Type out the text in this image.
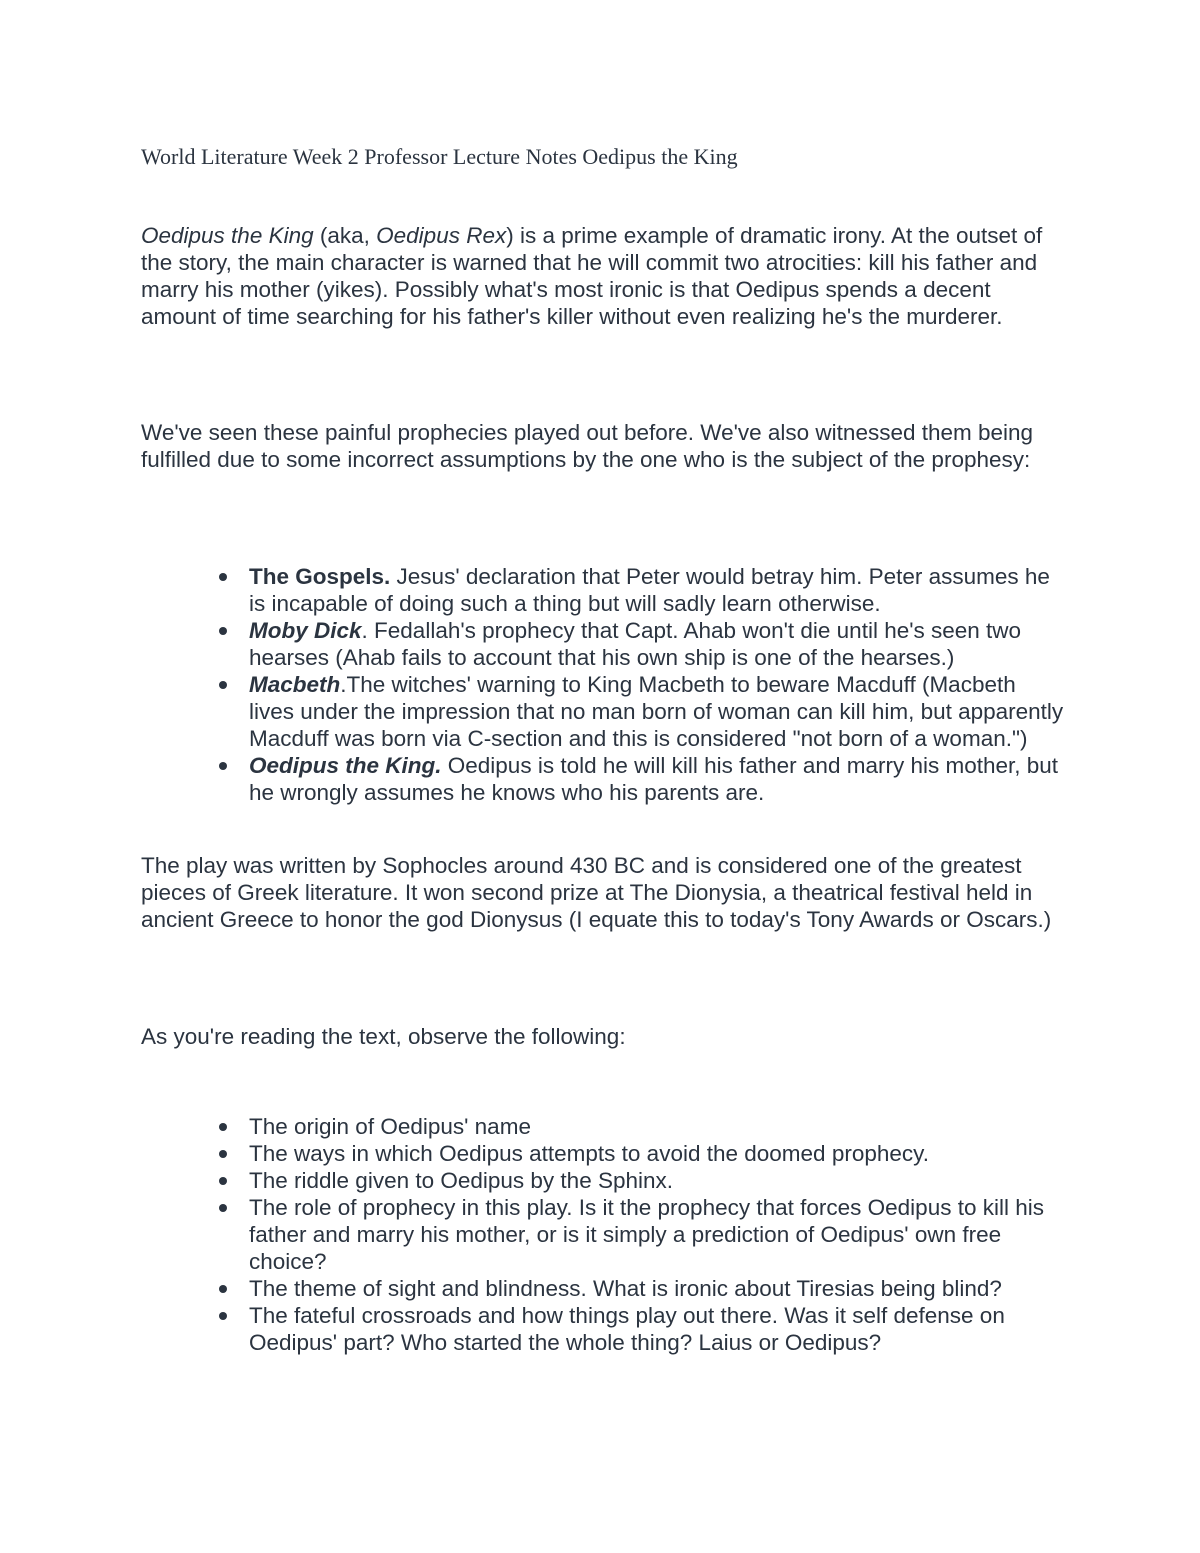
World Literature Week 2 Professor Lecture Notes Oedipus the King

Oedipus the King (aka, Oedipus Rex) is a prime example of dramatic irony. At the outset of the story, the main character is warned that he will commit two atrocities: kill his father and marry his mother (yikes). Possibly what's most ironic is that Oedipus spends a decent amount of time searching for his father's killer without even realizing he's the murderer.

We've seen these painful prophecies played out before. We've also witnessed them being fulfilled due to some incorrect assumptions by the one who is the subject of the prophesy:

The Gospels. Jesus' declaration that Peter would betray him. Peter assumes he is incapable of doing such a thing but will sadly learn otherwise.
Moby Dick. Fedallah's prophecy that Capt. Ahab won't die until he's seen two hearses (Ahab fails to account that his own ship is one of the hearses.)
Macbeth.The witches' warning to King Macbeth to beware Macduff (Macbeth lives under the impression that no man born of woman can kill him, but apparently Macduff was born via C-section and this is considered "not born of a woman.")
Oedipus the King. Oedipus is told he will kill his father and marry his mother, but he wrongly assumes he knows who his parents are.

The play was written by Sophocles around 430 BC and is considered one of the greatest pieces of Greek literature. It won second prize at The Dionysia, a theatrical festival held in ancient Greece to honor the god Dionysus (I equate this to today's Tony Awards or Oscars.)

As you're reading the text, observe the following:

The origin of Oedipus' name
The ways in which Oedipus attempts to avoid the doomed prophecy.
The riddle given to Oedipus by the Sphinx.
The role of prophecy in this play. Is it the prophecy that forces Oedipus to kill his father and marry his mother, or is it simply a prediction of Oedipus' own free choice?
The theme of sight and blindness. What is ironic about Tiresias being blind?
The fateful crossroads and how things play out there. Was it self defense on Oedipus' part? Who started the whole thing? Laius or Oedipus?
